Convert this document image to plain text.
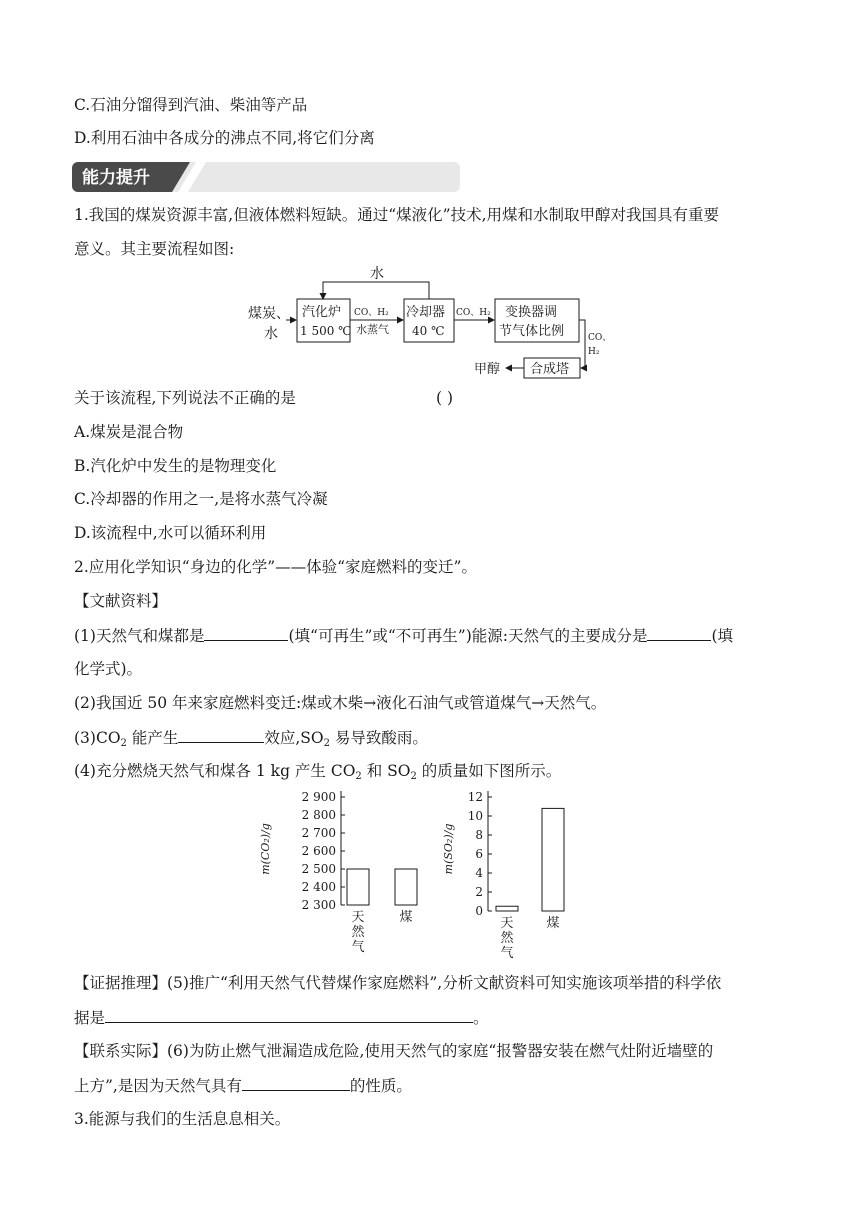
C.石油分馏得到汽油、柴油等产品
D.利用石油中各成分的沸点不同,将它们分离
能力提升
1.我国的煤炭资源丰富,但液体燃料短缺。通过“煤液化”技术,用煤和水制取甲醇对我国具有重要
意义。其主要流程如图:
水
煤炭、
水
汽化炉
1 500 ℃
CO、H₂
水蒸气
冷却器
40 ℃
CO、H₂ 变换器调
节气体比例	CO、
H₂
合成塔
甲醇
关于该流程,下列说法不正确的是	( )
A.煤炭是混合物
B.汽化炉中发生的是物理变化
C.冷却器的作用之一,是将水蒸气冷凝
D.该流程中,水可以循环利用
2.应用化学知识“身边的化学”——体验“家庭燃料的变迁”。
【文献资料】
(1)天然气和煤都是	(填“可再生”或“不可再生”)能源:天然气的主要成分是	(填
化学式)。
(2)我国近 50 年来家庭燃料变迁:煤或木柴→液化石油气或管道煤气→天然气。
$(3)CO_2$ 能产生	效应$,SO_2$ 易导致酸雨。
(4)充分燃烧天然气和煤各 1 kg 产生 $CO_2$ 和 $SO_2$ 的质量如下图所示。
m(CO₂)/g
2 300
2 400
2 500
2 600
2 700
2 800
2 900
天
然
气
煤
m(SO₂)/g
0
2
4
6
8
10
12
天
然
气
煤
【证据推理】(5)推广“利用天然气代替煤作家庭燃料”,分析文献资料可知实施该项举措的科学依
据是	。
【联系实际】(6)为防止燃气泄漏造成危险,使用天然气的家庭“报警器安装在燃气灶附近墙壁的
上方”,是因为天然气具有	的性质。
3.能源与我们的生活息息相关。
